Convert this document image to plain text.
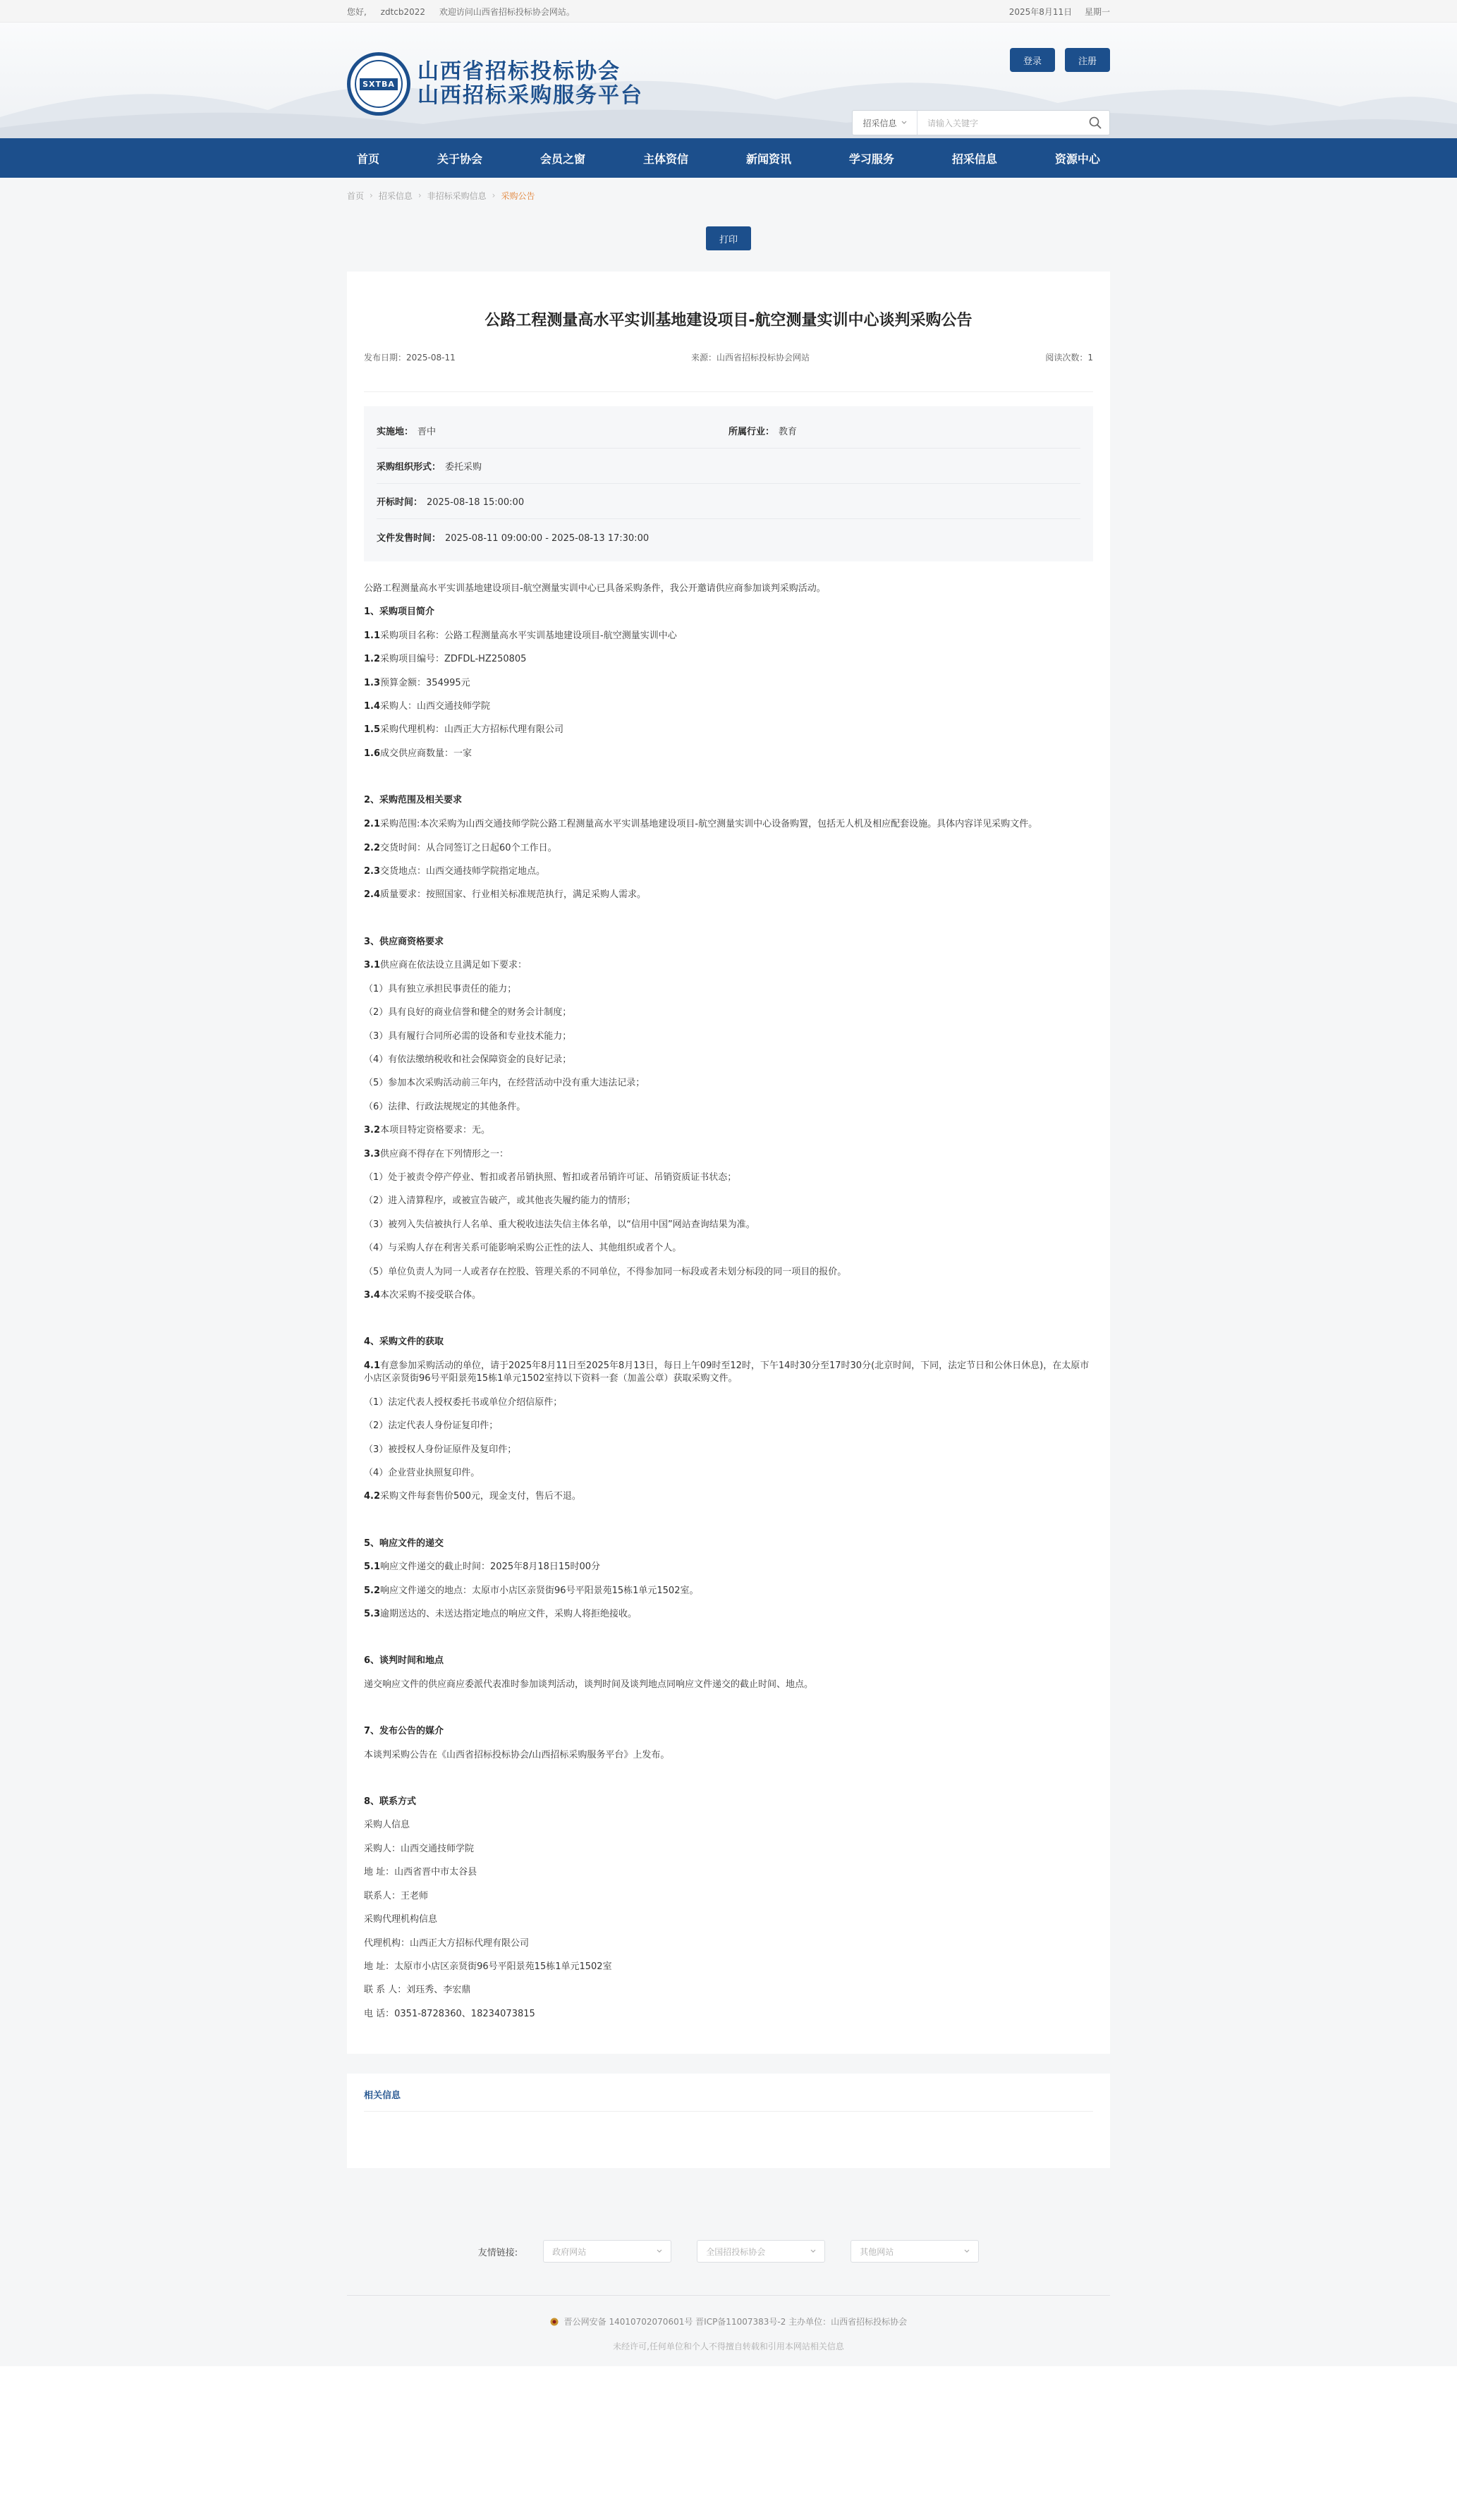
您好, zdtcb2022 欢迎访问山西省招标投标协会网站。	2025年8月11日 星期一
SXTBA 山西省招标投标协会
山西招标采购服务平台
登录	注册
招采信息	请输入关键字
首页	关于协会	会员之窗	主体资信	新闻资讯	学习服务	招采信息	资源中心
首页 › 招采信息 › 非招标采购信息 › 采购公告
打印
公路工程测量高水平实训基地建设项目-航空测量实训中心谈判采购公告
发布日期：2025-08-11	来源：山西省招标投标协会网站	阅读次数：1
实施地： 晋中	所属行业： 教育
采购组织形式： 委托采购
开标时间： 2025-08-18 15:00:00
文件发售时间： 2025-08-11 09:00:00 - 2025-08-13 17:30:00

公路工程测量高水平实训基地建设项目-航空测量实训中心已具备采购条件，我公开邀请供应商参加谈判采购活动。

1、采购项目简介

1.1采购项目名称：公路工程测量高水平实训基地建设项目-航空测量实训中心

1.2采购项目编号：ZDFDL-HZ250805

1.3预算金额：354995元

1.4采购人：山西交通技师学院

1.5采购代理机构：山西正大方招标代理有限公司

1.6成交供应商数量：一家

2、采购范围及相关要求

2.1采购范围:本次采购为山西交通技师学院公路工程测量高水平实训基地建设项目-航空测量实训中心设备购置，包括无人机及相应配套设施。具体内容详见采购文件。

2.2交货时间：从合同签订之日起60个工作日。

2.3交货地点：山西交通技师学院指定地点。

2.4质量要求：按照国家、行业相关标准规范执行，满足采购人需求。

3、供应商资格要求

3.1供应商在依法设立且满足如下要求：

（1）具有独立承担民事责任的能力；

（2）具有良好的商业信誉和健全的财务会计制度；

（3）具有履行合同所必需的设备和专业技术能力；

（4）有依法缴纳税收和社会保障资金的良好记录；

（5）参加本次采购活动前三年内，在经营活动中没有重大违法记录；

（6）法律、行政法规规定的其他条件。

3.2本项目特定资格要求：无。

3.3供应商不得存在下列情形之一：

（1）处于被责令停产停业、暂扣或者吊销执照、暂扣或者吊销许可证、吊销资质证书状态；

（2）进入清算程序，或被宣告破产，或其他丧失履约能力的情形；

（3）被列入失信被执行人名单、重大税收违法失信主体名单，以“信用中国”网站查询结果为准。

（4）与采购人存在利害关系可能影响采购公正性的法人、其他组织或者个人。

（5）单位负责人为同一人或者存在控股、管理关系的不同单位，不得参加同一标段或者未划分标段的同一项目的报价。

3.4本次采购不接受联合体。

4、采购文件的获取

4.1有意参加采购活动的单位，请于2025年8月11日至2025年8月13日，每日上午09时至12时，下午14时30分至17时30分(北京时间，下同，法定节日和公休日休息)，在太原市小店区亲贤街96号平阳景苑15栋1单元1502室持以下资料一套（加盖公章）获取采购文件。

（1）法定代表人授权委托书或单位介绍信原件；

（2）法定代表人身份证复印件；

（3）被授权人身份证原件及复印件；

（4）企业营业执照复印件。

4.2采购文件每套售价500元，现金支付，售后不退。

5、响应文件的递交

5.1响应文件递交的截止时间：2025年8月18日15时00分

5.2响应文件递交的地点：太原市小店区亲贤街96号平阳景苑15栋1单元1502室。

5.3逾期送达的、未送达指定地点的响应文件，采购人将拒绝接收。

6、谈判时间和地点

递交响应文件的供应商应委派代表准时参加谈判活动，谈判时间及谈判地点同响应文件递交的截止时间、地点。

7、发布公告的媒介

本谈判采购公告在《山西省招标投标协会/山西招标采购服务平台》上发布。

8、联系方式

采购人信息

采购人：山西交通技师学院

地 址：山西省晋中市太谷县

联系人：王老师

采购代理机构信息

代理机构：山西正大方招标代理有限公司

地 址：太原市小店区亲贤街96号平阳景苑15栋1单元1502室

联 系 人：刘珏秀、李宏鼎

电 话：0351-8728360、18234073815

相关信息
友情链接:	政府网站	全国招投标协会	其他网站
晋公网安备 14010702070601号 晋ICP备11007383号-2 主办单位：山西省招标投标协会
未经许可,任何单位和个人不得擅自转载和引用本网站相关信息
